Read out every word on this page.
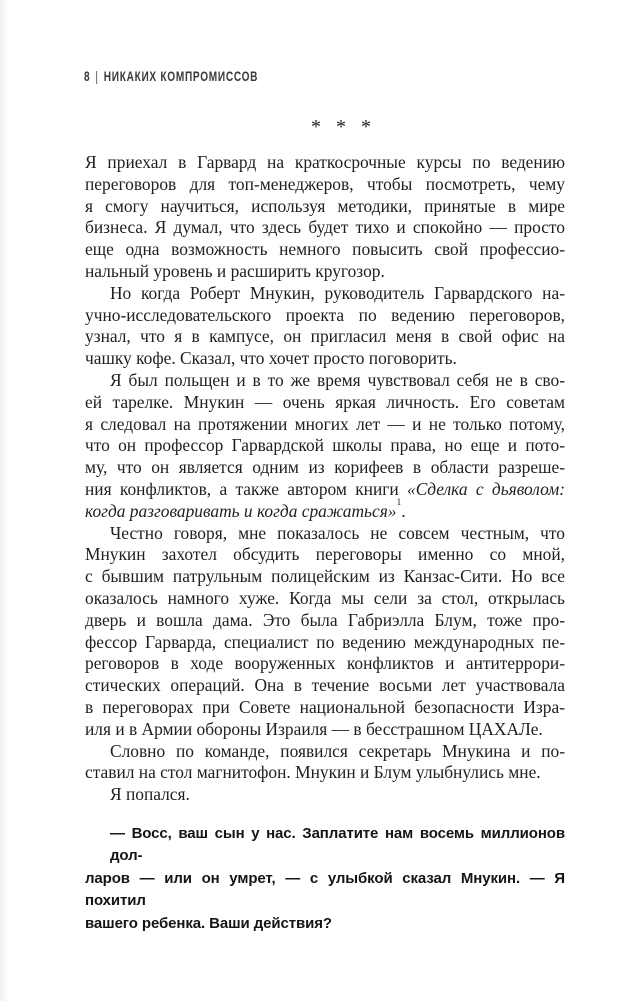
8 | НИКАКИХ КОМПРОМИССОВ
* * *
Я приехал в Гарвард на краткосрочные курсы по ведению
переговоров для топ-менеджеров, чтобы посмотреть, чему
я смогу научиться, используя методики, принятые в мире
бизнеса. Я думал, что здесь будет тихо и спокойно — просто
еще одна возможность немного повысить свой профессио-
нальный уровень и расширить кругозор.
Но когда Роберт Мнукин, руководитель Гарвардского на-
учно-исследовательского проекта по ведению переговоров,
узнал, что я в кампусе, он пригласил меня в свой офис на
чашку кофе. Сказал, что хочет просто поговорить.
Я был польщен и в то же время чувствовал себя не в сво-
ей тарелке. Мнукин — очень яркая личность. Его советам
я следовал на протяжении многих лет — и не только потому,
что он профессор Гарвардской школы права, но еще и пото-
му, что он является одним из корифеев в области разреше-
ния конфликтов, а также автором книги «Сделка с дьяволом:
когда разговаривать и когда сражаться»$^1$.
Честно говоря, мне показалось не совсем честным, что
Мнукин захотел обсудить переговоры именно со мной,
с бывшим патрульным полицейским из Канзас-Сити. Но все
оказалось намного хуже. Когда мы сели за стол, открылась
дверь и вошла дама. Это была Габриэлла Блум, тоже про-
фессор Гарварда, специалист по ведению международных пе-
реговоров в ходе вооруженных конфликтов и антитеррори-
стических операций. Она в течение восьми лет участвовала
в переговорах при Совете национальной безопасности Изра-
иля и в Армии обороны Израиля — в бесстрашном ЦАХАЛе.
Словно по команде, появился секретарь Мнукина и по-
ставил на стол магнитофон. Мнукин и Блум улыбнулись мне.
Я попался.
— Восс, ваш сын у нас. Заплатите нам восемь миллионов дол-
ларов — или он умрет, — с улыбкой сказал Мнукин. — Я похитил
вашего ребенка. Ваши действия?
